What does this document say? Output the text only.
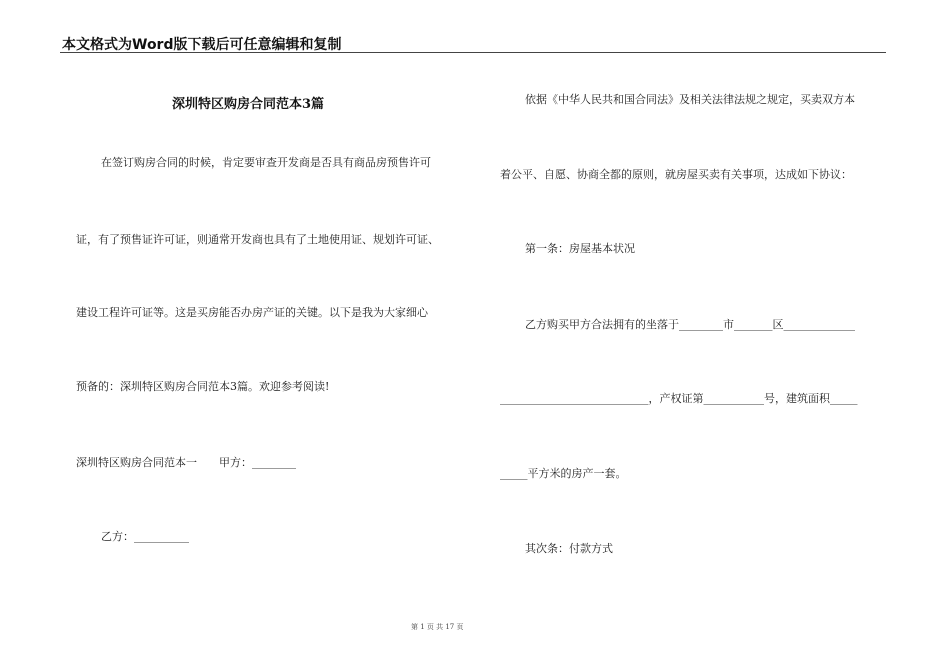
本文格式为Word版下载后可任意编辑和复制
深圳特区购房合同范本3篇
在签订购房合同的时候，肯定要审查开发商是否具有商品房预售许可
证，有了预售证许可证，则通常开发商也具有了土地使用证、规划许可证、
建设工程许可证等。这是买房能否办房产证的关键。以下是我为大家细心
预备的：深圳特区购房合同范本3篇。欢迎参考阅读!
深圳特区购房合同范本一　　甲方：________
乙方：__________
依据《中华人民共和国合同法》及相关法律法规之规定，买卖双方本
着公平、自愿、协商全都的原则，就房屋买卖有关事项，达成如下协议：
第一条：房屋基本状况
乙方购买甲方合法拥有的坐落于________市_______区_____________
___________________________，产权证第___________号，建筑面积_____
_____平方米的房产一套。
其次条：付款方式
第 1 页 共 17 页
